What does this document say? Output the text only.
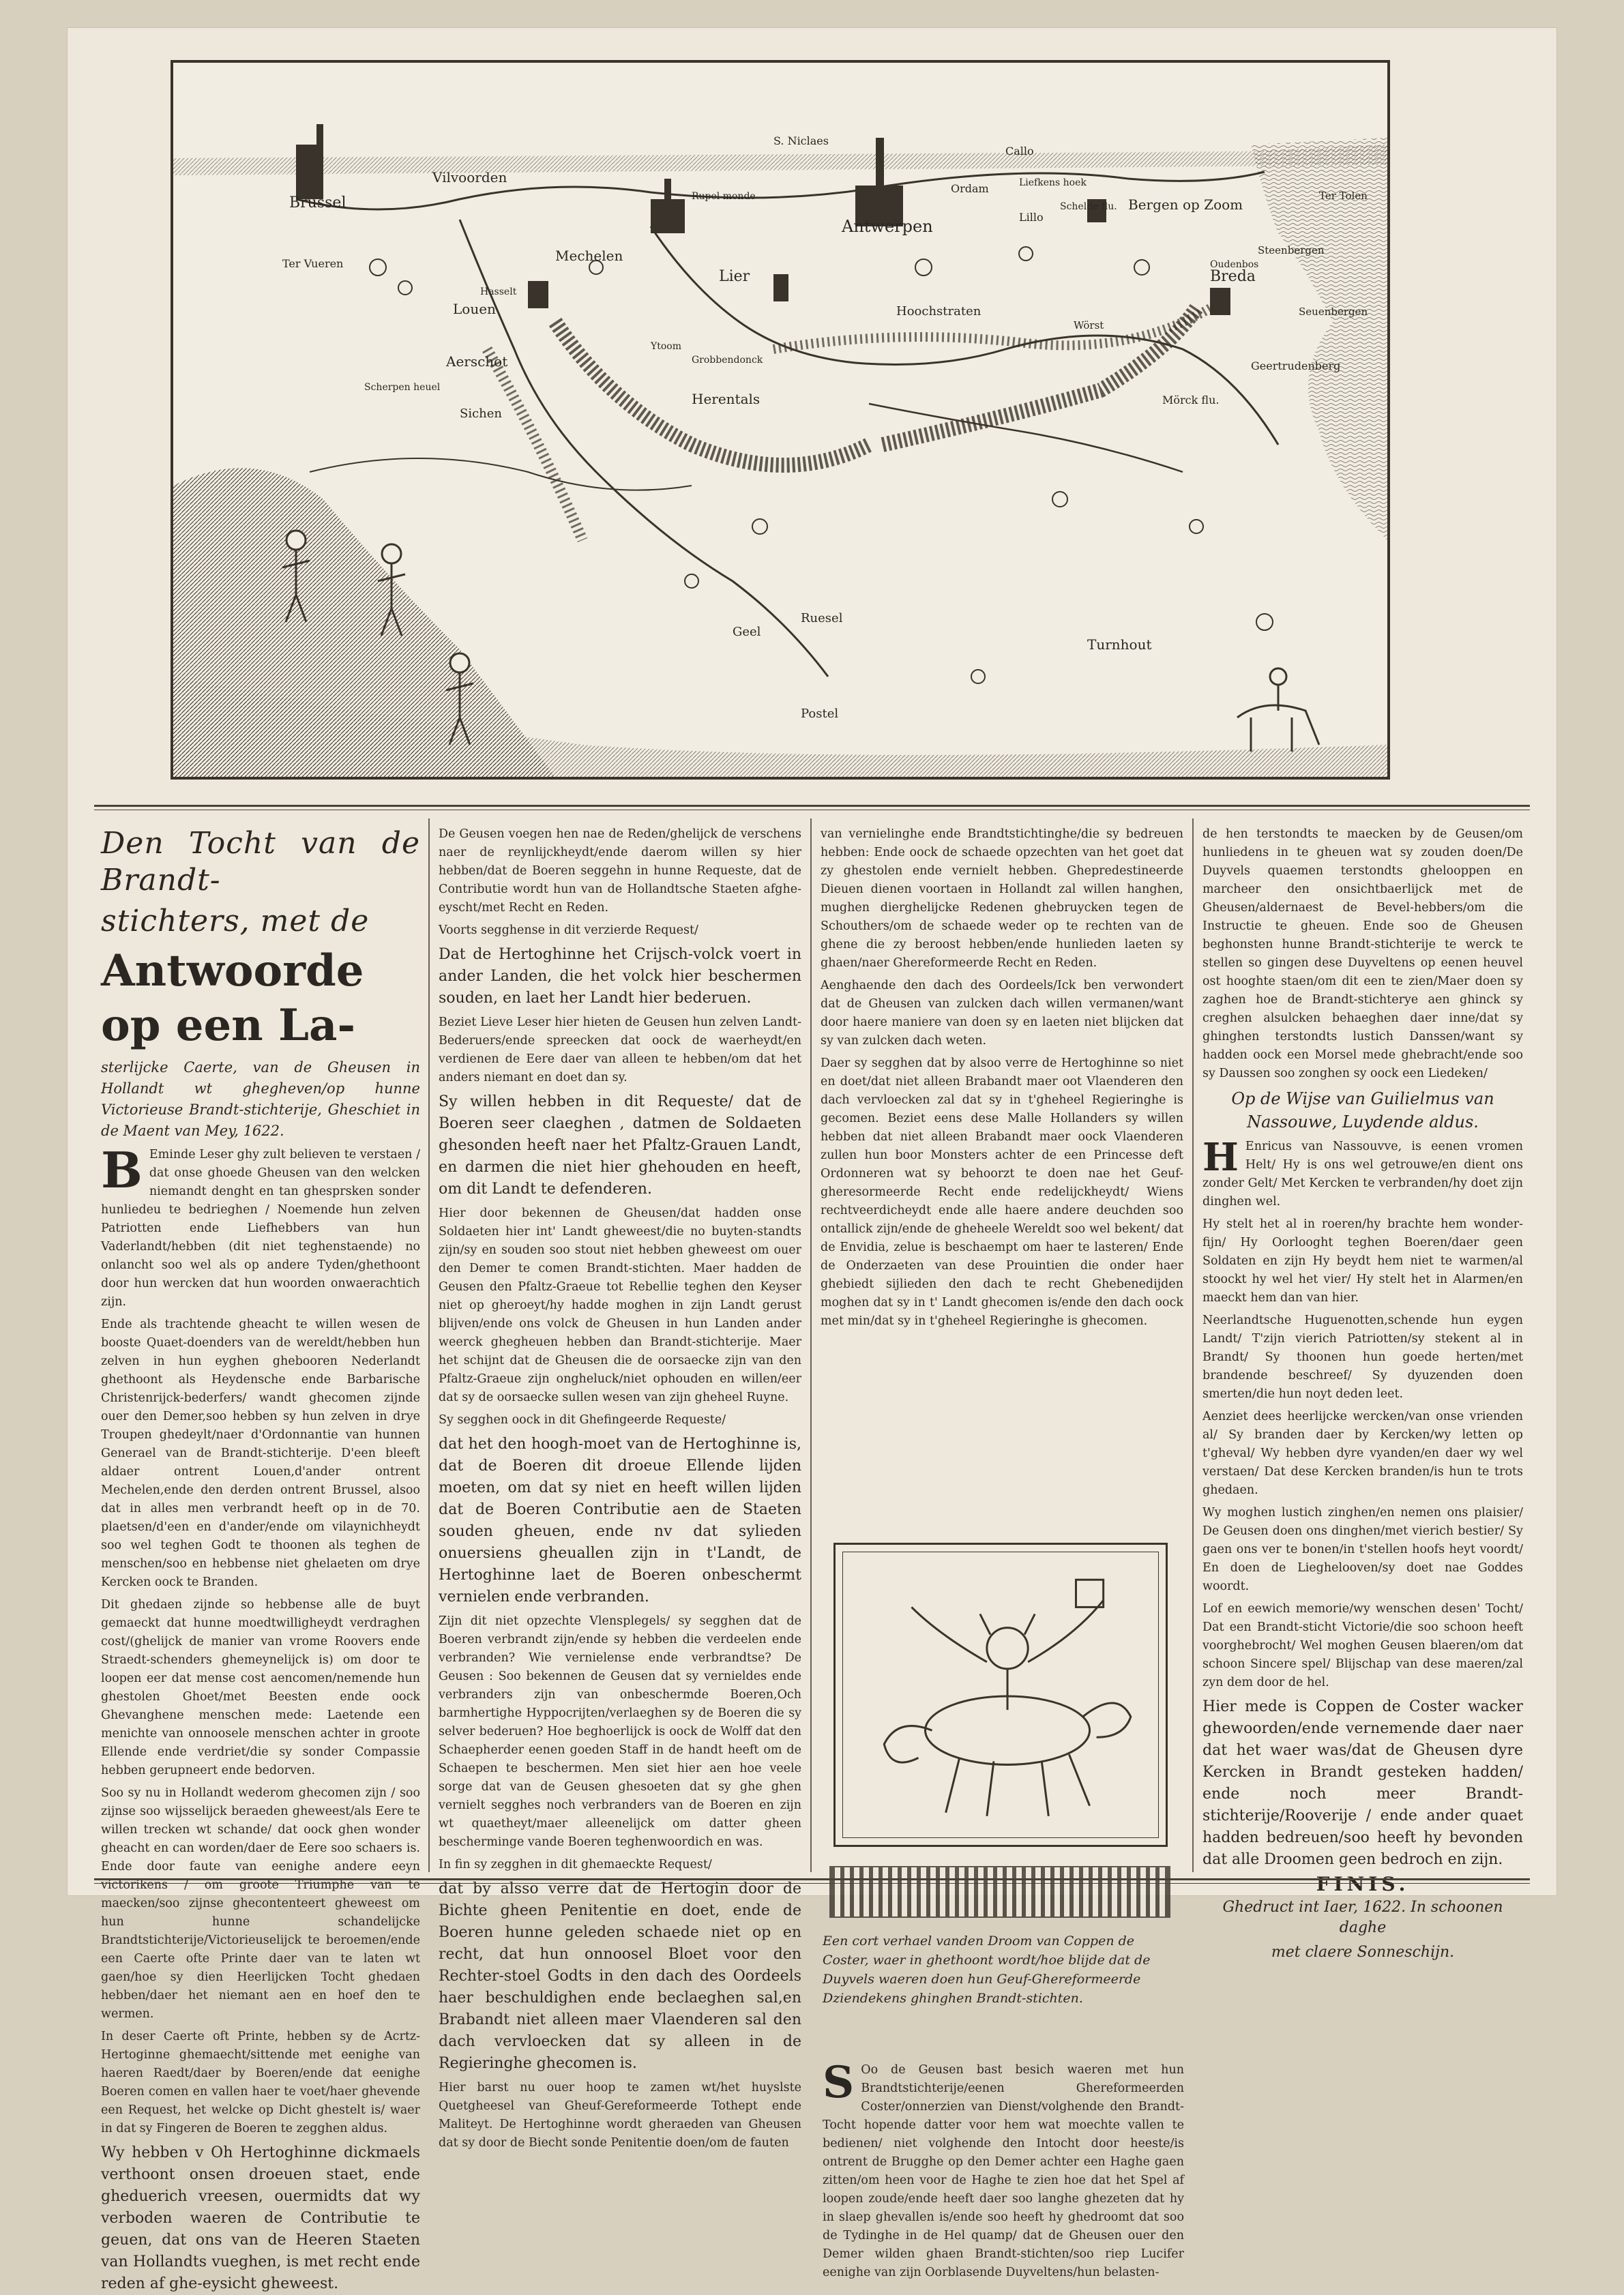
Brussel
Vilvoorden
Mechelen
Antwerpen
Lier
Louen
Aerschot
Sichen
Herentals
Geel
Ruesel
Postel
Turnhout
Hoochstraten
Breda
Bergen op Zoom
Lillo
Callo
Ordam
S. Niclaes
Ter Vueren
Rupel monde
Steenbergen
Ter Tolen
Geertrudenberg
Seuenbergen
Oudenbos
Scherpen heuel
Ytoom
Mörck flu.
Schelde flu.
Wörst
Liefkens hoek
Hasselt
Grobbendonck

Den Tocht van de Brandt-

stichters, met de

Antwoorde op een La-

sterlijcke Caerte, van de Gheusen in Hollandt wt ghegheven/op hunne Victorieuse Brandt-stichterije, Gheschiet in de Maent van Mey, 1622.

B Eminde Leser ghy zult believen te verstaen / dat onse ghoede Gheusen van den welcken niemandt denght en tan ghesprsken sonder hunliedeu te bedrieghen / Noemende hun zelven Patriotten ende Liefhebbers van hun Vaderlandt/hebben (dit niet teghenstaende) no onlancht soo wel als op andere Tyden/ghethoont door hun wercken dat hun woorden onwaerachtich zijn.

Ende als trachtende gheacht te willen wesen de booste Quaet-doenders van de wereldt/hebben hun zelven in hun eyghen ghebooren Nederlandt ghethoont als Heydensche ende Barbarische Christenrijck-bederfers/ wandt ghecomen zijnde ouer den Demer,soo hebben sy hun zelven in drye Troupen ghedeylt/naer d'Ordonnantie van hunnen Generael van de Brandt-stichterije. D'een bleeft aldaer ontrent Louen,d'ander ontrent Mechelen,ende den derden ontrent Brussel, alsoo dat in alles men verbrandt heeft op in de 70. plaetsen/d'een en d'ander/ende om vilaynichheydt soo wel teghen Godt te thoonen als teghen de menschen/soo en hebbense niet ghelaeten om drye Kercken oock te Branden.

Dit ghedaen zijnde so hebbense alle de buyt gemaeckt dat hunne moedtwilligheydt verdraghen cost/(ghelijck de manier van vrome Roovers ende Straedt-schenders ghemeynelijck is) om door te loopen eer dat mense cost aencomen/nemende hun ghestolen Ghoet/met Beesten ende oock Ghevanghene menschen mede: Laetende een menichte van onnoosele menschen achter in groote Ellende ende verdriet/die sy sonder Compassie hebben gerupneert ende bedorven.

Soo sy nu in Hollandt wederom ghecomen zijn / soo zijnse soo wijsselijck beraeden gheweest/als Eere te willen trecken wt schande/ dat oock ghen wonder gheacht en can worden/daer de Eere soo schaers is. Ende door faute van eenighe andere eeyn victorikens / om groote Triumphe van te maecken/soo zijnse ghecontenteert gheweest om hun hunne schandelijcke Brandtstichterije/Victorieuselijck te beroemen/ende een Caerte ofte Printe daer van te laten wt gaen/hoe sy dien Heerlijcken Tocht ghedaen hebben/daer het niemant aen en hoef den te wermen.

In deser Caerte oft Printe, hebben sy de Acrtz-Hertoginne ghemaecht/sittende met eenighe van haeren Raedt/daer by Boeren/ende dat eenighe Boeren comen en vallen haer te voet/haer ghevende een Request, het welcke op Dicht ghestelt is/ waer in dat sy Fingeren de Boeren te zegghen aldus.

Wy hebben v Oh Hertoghinne dickmaels verthoont onsen droeuen staet, ende gheduerich vreesen, ouermidts dat wy verboden waeren de Contributie te geuen, dat ons van de Heeren Staeten van Hollandts vueghen, is met recht ende reden af ghe-eysicht gheweest.

De Geusen voegen hen nae de Reden/ghelijck de verschens naer de reynlijckheydt/ende daerom willen sy hier hebben/dat de Boeren seggehn in hunne Requeste, dat de Contributie wordt hun van de Hollandtsche Staeten afghe-eyscht/met Recht en Reden.

Voorts segghense in dit verzierde Request/

Dat de Hertoghinne het Crijsch-volck voert in ander Landen, die het volck hier beschermen souden, en laet her Landt hier bederuen.

Beziet Lieve Leser hier hieten de Geusen hun zelven Landt-Bederuers/ende spreecken dat oock de waerheydt/en verdienen de Eere daer van alleen te hebben/om dat het anders niemant en doet dan sy.

Sy willen hebben in dit Requeste/ dat de Boeren seer claeghen , datmen de Soldaeten ghesonden heeft naer het Pfaltz-Grauen Landt, en darmen die niet hier ghehouden en heeft, om dit Landt te defenderen.

Hier door bekennen de Gheusen/dat hadden onse Soldaeten hier int' Landt gheweest/die no buyten-standts zijn/sy en souden soo stout niet hebben gheweest om ouer den Demer te comen Brandt-stichten. Maer hadden de Geusen den Pfaltz-Graeue tot Rebellie teghen den Keyser niet op gheroeyt/hy hadde moghen in zijn Landt gerust blijven/ende ons volck de Gheusen in hun Landen ander weerck ghegheuen hebben dan Brandt-stichterije. Maer het schijnt dat de Gheusen die de oorsaecke zijn van den Pfaltz-Graeue zijn ongheluck/niet ophouden en willen/eer dat sy de oorsaecke sullen wesen van zijn gheheel Ruyne.

Sy segghen oock in dit Ghefingeerde Requeste/

dat het den hoogh-moet van de Hertoghinne is, dat de Boeren dit droeue Ellende lijden moeten, om dat sy niet en heeft willen lijden dat de Boeren Contributie aen de Staeten souden gheuen, ende nv dat sylieden onuersiens gheuallen zijn in t'Landt, de Hertoghinne laet de Boeren onbeschermt vernielen ende verbranden.

Zijn dit niet opzechte Vlensplegels/ sy segghen dat de Boeren verbrandt zijn/ende sy hebben die verdeelen ende verbranden? Wie vernielense ende verbrandtse? De Geusen : Soo bekennen de Geusen dat sy vernieldes ende verbranders zijn van onbeschermde Boeren,Och barmhertighe Hyppocrijten/verlaeghen sy de Boeren die sy selver bederuen? Hoe beghoerlijck is oock de Wolff dat den Schaepherder eenen goeden Staff in de handt heeft om de Schaepen te beschermen. Men siet hier aen hoe veele sorge dat van de Geusen ghesoeten dat sy ghe ghen vernielt segghes noch verbranders van de Boeren en zijn wt quaetheyt/maer alleenelijck om datter gheen bescherminge vande Boeren teghenwoordich en was.

In fin sy zegghen in dit ghemaeckte Request/

dat by alsso verre dat de Hertogin door de Bichte gheen Penitentie en doet, ende de Boeren hunne geleden schaede niet op en recht, dat hun onnoosel Bloet voor den Rechter-stoel Godts in den dach des Oordeels haer beschuldighen ende beclaeghen sal,en Brabandt niet alleen maer Vlaenderen sal den dach vervloecken dat sy alleen in de Regieringhe ghecomen is.

Hier barst nu ouer hoop te zamen wt/het huyslste Quetgheesel van Gheuf-Gereformeerde Tothept ende Maliteyt. De Hertoghinne wordt gheraeden van Gheusen dat sy door de Biecht sonde Penitentie doen/om de fauten

van vernielinghe ende Brandtstichtinghe/die sy bedreuen hebben: Ende oock de schaede opzechten van het goet dat zy ghestolen ende vernielt hebben. Ghepredestineerde Dieuen dienen voortaen in Hollandt zal willen hanghen, mughen dierghelijcke Redenen ghebruycken tegen de Schouthers/om de schaede weder op te rechten van de ghene die zy beroost hebben/ende hunlieden laeten sy ghaen/naer Ghereformeerde Recht en Reden.

Aenghaende den dach des Oordeels/Ick ben verwondert dat de Gheusen van zulcken dach willen vermanen/want door haere maniere van doen sy en laeten niet blijcken dat sy van zulcken dach weten.

Daer sy segghen dat by alsoo verre de Hertoghinne so niet en doet/dat niet alleen Brabandt maer oot Vlaenderen den dach vervloecken zal dat sy in t'gheheel Regieringhe is gecomen. Beziet eens dese Malle Hollanders sy willen hebben dat niet alleen Brabandt maer oock Vlaenderen zullen hun boor Monsters achter de een Princesse deft Ordonneren wat sy behoorzt te doen nae het Geuf-gheresormeerde Recht ende redelijckheydt/ Wiens rechtveerdicheydt ende alle haere andere deuchden soo ontallick zijn/ende de gheheele Wereldt soo wel bekent/ dat de Envidia, zelue is beschaempt om haer te lasteren/ Ende de Onderzaeten van dese Prouintien die onder haer ghebiedt sijlieden den dach te recht Ghebenedijden moghen dat sy in t' Landt ghecomen is/ende den dach oock met min/dat sy in t'gheheel Regieringhe is ghecomen.

de hen terstondts te maecken by de Geusen/om hunliedens in te gheuen wat sy zouden doen/De Duyvels quaemen terstondts ghelooppen en marcheer den onsichtbaerlijck met de Gheusen/aldernaest de Bevel-hebbers/om die Instructie te gheuen. Ende soo de Gheusen beghonsten hunne Brandt-stichterije te werck te stellen so gingen dese Duyveltens op eenen heuvel ost hooghte staen/om dit een te zien/Maer doen sy zaghen hoe de Brandt-stichterye aen ghinck sy creghen alsulcken behaeghen daer inne/dat sy ghinghen terstondts lustich Danssen/want sy hadden oock een Morsel mede ghebracht/ende soo sy Daussen soo zonghen sy oock een Liedeken/

Op de Wijse van Guilielmus van Nassouwe, Luydende aldus.

H Enricus van Nassouvve, is eenen vromen Helt/ Hy is ons wel getrouwe/en dient ons zonder Gelt/ Met Kercken te verbranden/hy doet zijn dinghen wel.

Hy stelt het al in roeren/hy brachte hem wonder-fijn/ Hy Oorlooght teghen Boeren/daer geen Soldaten en zijn Hy beydt hem niet te warmen/al stoockt hy wel het vier/ Hy stelt het in Alarmen/en maeckt hem dan van hier.

Neerlandtsche Huguenotten,schende hun eygen Landt/ T'zijn vierich Patriotten/sy stekent al in Brandt/ Sy thoonen hun goede herten/met brandende beschreef/ Sy dyuzenden doen smerten/die hun noyt deden leet.

Aenziet dees heerlijcke wercken/van onse vrienden al/ Sy branden daer by Kercken/wy letten op t'gheval/ Wy hebben dyre vyanden/en daer wy wel verstaen/ Dat dese Kercken branden/is hun te trots ghedaen.

Wy moghen lustich zinghen/en nemen ons plaisier/ De Geusen doen ons dinghen/met vierich bestier/ Sy gaen ons ver te bonen/in t'stellen hoofs heyt voordt/ En doen de Lieghelooven/sy doet nae Goddes woordt.

Lof en eewich memorie/wy wenschen desen' Tocht/ Dat een Brandt-sticht Victorie/die soo schoon heeft voorghebrocht/ Wel moghen Geusen blaeren/om dat schoon Sincere spel/ Blijschap van dese maeren/zal zyn dem door de hel.

Hier mede is Coppen de Coster wacker ghewoorden/ende vernemende daer naer dat het waer was/dat de Gheusen dyre Kercken in Brandt gesteken hadden/ ende noch meer Brandt-stichterije/Rooverije / ende ander quaet hadden bedreuen/soo heeft hy bevonden dat alle Droomen geen bedroch en zijn.

FINIS.

Ghedruct int Iaer, 1622. In schoonen daghe

met claere Sonneschijn.

Een cort verhael vanden Droom van Coppen de Coster, waer in ghethoont wordt/hoe blijde dat de Duyvels waeren doen hun Geuf-Ghereformeerde Dziendekens ghinghen Brandt-stichten.
S Oo de Geusen bast besich waeren met hun Brandtstichterije/eenen Ghereformeerden Coster/onnerzien van Dienst/volghende den Brandt-Tocht hopende datter voor hem wat moechte vallen te bedienen/ niet volghende den Intocht door heeste/is ontrent de Brugghe op den Demer achter een Haghe gaen zitten/om heen voor de Haghe te zien hoe dat het Spel af loopen zoude/ende heeft daer soo langhe ghezeten dat hy in slaep ghevallen is/ende soo heeft hy ghedroomt dat soo de Tydinghe in de Hel quamp/ dat de Gheusen ouer den Demer wilden ghaen Brandt-stichten/soo riep Lucifer eenighe van zijn Oorblasende Duyveltens/hun belasten-
